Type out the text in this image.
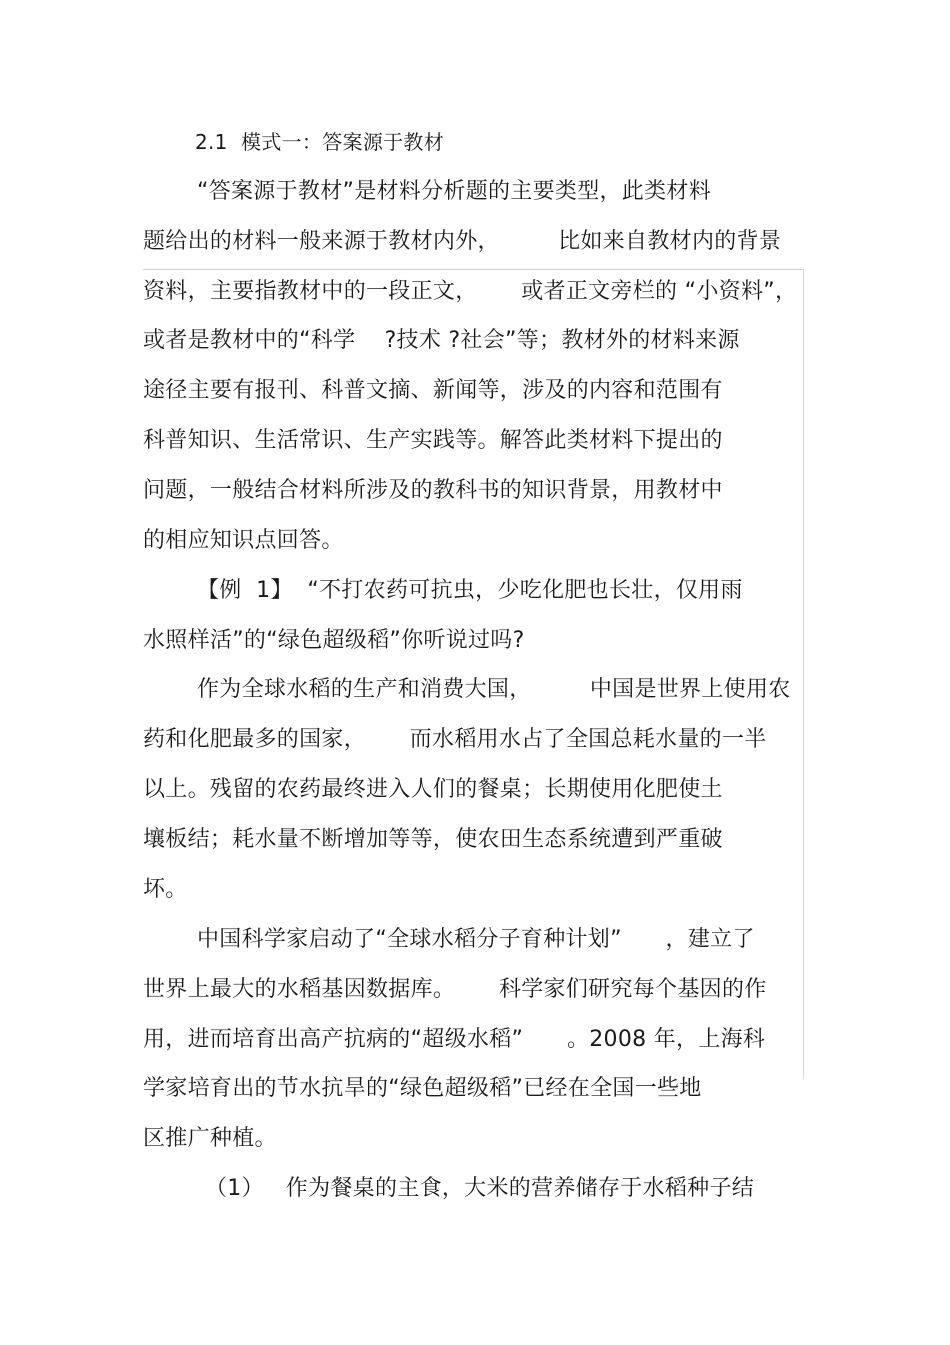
2.1  模式一：答案源于教材
“答案源于教材”是材料分析题的主要类型，此类材料
题给出的材料一般来源于教材内外，        比如来自教材内的背景
资料，主要指教材中的一段正文，      或者正文旁栏的 “小资料”，
或者是教材中的“科学    ?技术 ?社会”等；教材外的材料来源
途径主要有报刊、科普文摘、新闻等，涉及的内容和范围有
科普知识、生活常识、生产实践等。解答此类材料下提出的
问题，一般结合材料所涉及的教科书的知识背景，用教材中
的相应知识点回答。
【例  1】  “不打农药可抗虫，少吃化肥也长壮，仅用雨
水照样活”的“绿色超级稻”你听说过吗?
作为全球水稻的生产和消费大国，        中国是世界上使用农
药和化肥最多的国家，      而水稻用水占了全国总耗水量的一半
以上。残留的农药最终进入人们的餐桌；长期使用化肥使土
壤板结；耗水量不断增加等等，使农田生态系统遭到严重破
坏。
中国科学家启动了“全球水稻分子育种计划”      ，建立了
世界上最大的水稻基因数据库。      科学家们研究每个基因的作
用，进而培育出高产抗病的“超级水稻”      。2008 年，上海科
学家培育出的节水抗旱的“绿色超级稻”已经在全国一些地
区推广种植。
（1）   作为餐桌的主食，大米的营养储存于水稻种子结
